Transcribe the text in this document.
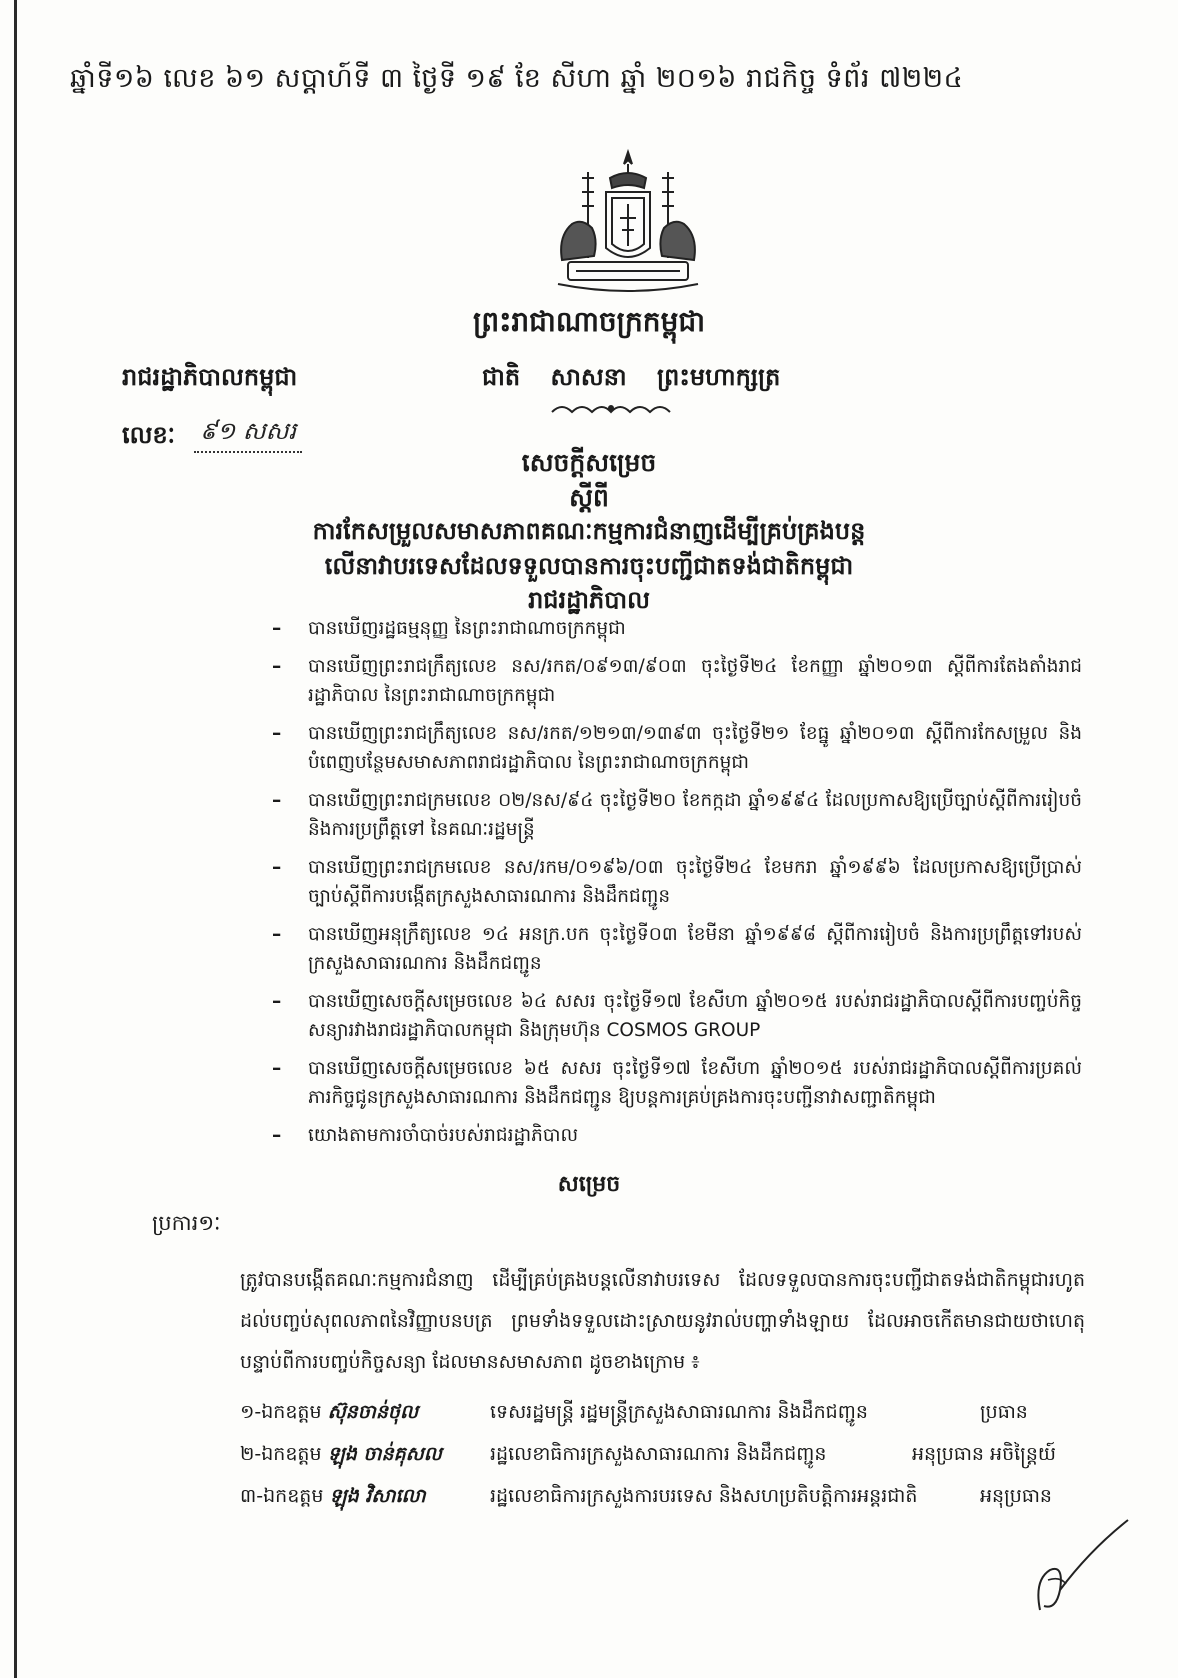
ឆ្នាំទី១៦ លេខ ៦១ សប្តាហ៍ទី ៣ ថ្ងៃទី ១៩ ខែ សីហា ឆ្នាំ ២០១៦ រាជកិច្ច ទំព័រ ៧២២៤
ព្រះរាជាណាចក្រកម្ពុជា
រាជរដ្ឋាភិបាលកម្ពុជា	ជាតិ សាសនា ព្រះមហាក្សត្រ
លេខៈ ៩១ សសរ
សេចក្តីសម្រេច
ស្តីពី
ការកែសម្រួលសមាសភាពគណៈកម្មការជំនាញដើម្បីគ្រប់គ្រងបន្ត
លើនាវាបរទេសដែលទទួលបានការចុះបញ្ជីជាតទង់ជាតិកម្ពុជា
រាជរដ្ឋាភិបាល
– បានឃើញរដ្ឋធម្មនុញ្ញ នៃព្រះរាជាណាចក្រកម្ពុជា
– បានឃើញព្រះរាជក្រឹត្យលេខ នស/រកត/០៩១៣/៩០៣ ចុះថ្ងៃទី២៤ ខែកញ្ញា ឆ្នាំ២០១៣ ស្តីពីការតែងតាំងរាជរដ្ឋាភិបាល នៃព្រះរាជាណាចក្រកម្ពុជា
– បានឃើញព្រះរាជក្រឹត្យលេខ នស/រកត/១២១៣/១៣៩៣ ចុះថ្ងៃទី២១ ខែធ្នូ ឆ្នាំ២០១៣ ស្តីពីការកែសម្រួល និងបំពេញបន្ថែមសមាសភាពរាជរដ្ឋាភិបាល នៃព្រះរាជាណាចក្រកម្ពុជា
– បានឃើញព្រះរាជក្រមលេខ ០២/នស/៩៤ ចុះថ្ងៃទី២០ ខែកក្កដា ឆ្នាំ១៩៩៤ ដែលប្រកាសឱ្យប្រើច្បាប់ស្តីពីការរៀបចំ និងការប្រព្រឹត្តទៅ នៃគណៈរដ្ឋមន្ត្រី
– បានឃើញព្រះរាជក្រមលេខ នស/រកម/០១៩៦/០៣ ចុះថ្ងៃទី២៤ ខែមករា ឆ្នាំ១៩៩៦ ដែលប្រកាសឱ្យប្រើប្រាស់ច្បាប់ស្តីពីការបង្កើតក្រសួងសាធារណការ និងដឹកជញ្ជូន
– បានឃើញអនុក្រឹត្យលេខ ១៤ អនក្រ.បក ចុះថ្ងៃទី០៣ ខែមីនា ឆ្នាំ១៩៩៨ ស្តីពីការរៀបចំ និងការប្រព្រឹត្តទៅរបស់ក្រសួងសាធារណការ និងដឹកជញ្ជូន
– បានឃើញសេចក្តីសម្រេចលេខ ៦៤ សសរ ចុះថ្ងៃទី១៧ ខែសីហា ឆ្នាំ២០១៥ របស់រាជរដ្ឋាភិបាលស្តីពីការបញ្ចប់កិច្ចសន្យារវាងរាជរដ្ឋាភិបាលកម្ពុជា និងក្រុមហ៊ុន COSMOS GROUP
– បានឃើញសេចក្តីសម្រេចលេខ ៦៥ សសរ ចុះថ្ងៃទី១៧ ខែសីហា ឆ្នាំ២០១៥ របស់រាជរដ្ឋាភិបាលស្តីពីការប្រគល់ភារកិច្ចជូនក្រសួងសាធារណការ និងដឹកជញ្ជូន ឱ្យបន្តការគ្រប់គ្រងការចុះបញ្ជីនាវាសញ្ជាតិកម្ពុជា
– យោងតាមការចាំបាច់របស់រាជរដ្ឋាភិបាល
សម្រេច
ប្រការ១ៈ
ត្រូវបានបង្កើតគណៈកម្មការជំនាញ ដើម្បីគ្រប់គ្រងបន្តលើនាវាបរទេស ដែលទទួលបានការចុះបញ្ជីជាតទង់ជាតិកម្ពុជារហូតដល់បញ្ចប់សុពលភាពនៃវិញ្ញាបនបត្រ ព្រមទាំងទទួលដោះស្រាយនូវរាល់បញ្ហាទាំងឡាយ ដែលអាចកើតមានជាយថាហេតុបន្ទាប់ពីការបញ្ចប់កិច្ចសន្យា ដែលមានសមាសភាព ដូចខាងក្រោម ៖
១-ឯកឧត្តម ស៊ុនចាន់ថុល	ទេសរដ្ឋមន្ត្រី រដ្ឋមន្ត្រីក្រសួងសាធារណការ និងដឹកជញ្ជូន	ប្រធាន
២-ឯកឧត្តម ឡុង ចាន់គុសល	រដ្ឋលេខាធិការក្រសួងសាធារណការ និងដឹកជញ្ជូន	អនុប្រធាន អចិន្ត្រៃយ៍
៣-ឯកឧត្តម ឡុង វិសាលោ	រដ្ឋលេខាធិការក្រសួងការបរទេស និងសហប្រតិបត្តិការអន្តរជាតិ	អនុប្រធាន
